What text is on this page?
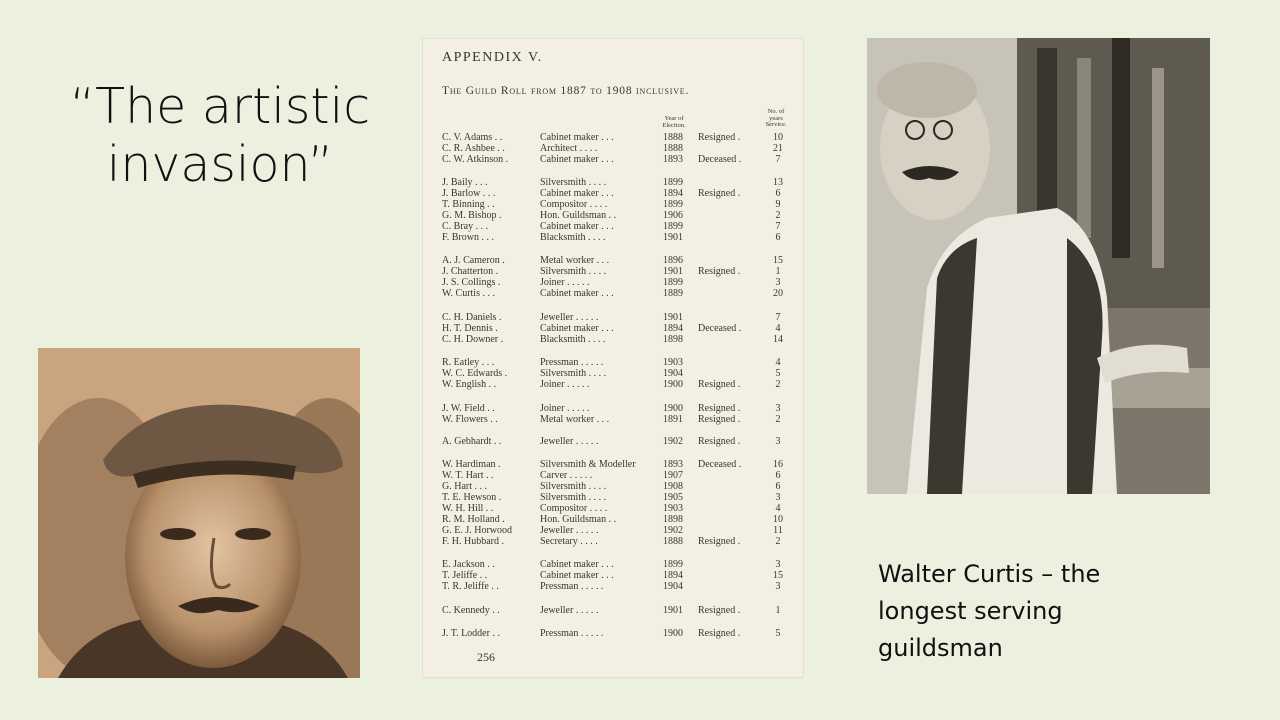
“The artistic
invasion”
APPENDIX V.
The Guild Roll from 1887 to 1908 inclusive.
Year of
Election.
No. of
years
Service.
C. V. Adams . .	Cabinet maker . . .	1888 Resigned .	10
C. R. Ashbee . .	Architect . . . .	1888	21
C. W. Atkinson .	Cabinet maker . . .	1893 Deceased .	7
J. Baily . . .	Silversmith . . . .	1899	13
J. Barlow . . .	Cabinet maker . . .	1894 Resigned .	6
T. Binning . .	Compositor . . . .	1899	9
G. M. Bishop .	Hon. Guildsman . .	1906	2
C. Bray . . .	Cabinet maker . . .	1899	7
F. Brown . . .	Blacksmith . . . .	1901	6
A. J. Cameron .	Metal worker . . .	1896	15
J. Chatterton .	Silversmith . . . .	1901 Resigned .	1
J. S. Collings .	Joiner . . . . .	1899	3
W. Curtis . . .	Cabinet maker . . .	1889	20
C. H. Daniels .	Jeweller . . . . .	1901	7
H. T. Dennis .	Cabinet maker . . .	1894 Deceased .	4
C. H. Downer .	Blacksmith . . . .	1898	14
R. Eatley . . .	Pressman . . . . .	1903	4
W. C. Edwards .	Silversmith . . . .	1904	5
W. English . .	Joiner . . . . .	1900 Resigned .	2
J. W. Field . .	Joiner . . . . .	1900 Resigned .	3
W. Flowers . .	Metal worker . . .	1891 Resigned .	2
A. Gebhardt . .	Jeweller . . . . .	1902 Resigned .	3
W. Hardiman .	Silversmith & Modeller	1893 Deceased .	16
W. T. Hart . .	Carver . . . . .	1907	6
G. Hart . . .	Silversmith . . . .	1908	6
T. E. Hewson .	Silversmith . . . .	1905	3
W. H. Hill . .	Compositor . . . .	1903	4
R. M. Holland .	Hon. Guildsman . .	1898	10
G. E. J. Horwood	Jeweller . . . . .	1902	11
F. H. Hubbard .	Secretary . . . .	1888 Resigned .	2
E. Jackson . .	Cabinet maker . . .	1899	3
T. Jeliffe . .	Cabinet maker . . .	1894	15
T. R. Jeliffe . .	Pressman . . . . .	1904	3
C. Kennedy . .	Jeweller . . . . .	1901 Resigned .	1
J. T. Lodder . .	Pressman . . . . .	1900 Resigned .	5
256
Walter Curtis – the
longest serving
guildsman
